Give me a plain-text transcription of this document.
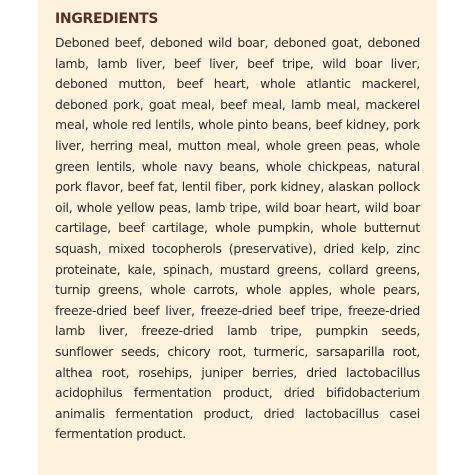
INGREDIENTS

Deboned beef, deboned wild boar, deboned goat, deboned lamb, lamb liver, beef liver, beef tripe, wild boar liver, deboned mutton, beef heart, whole atlantic mackerel, deboned pork, goat meal, beef meal, lamb meal, mackerel meal, whole red lentils, whole pinto beans, beef kidney, pork liver, herring meal, mutton meal, whole green peas, whole green lentils, whole navy beans, whole chickpeas, natural pork flavor, beef fat, lentil fiber, pork kidney, alaskan pollock oil, whole yellow peas, lamb tripe, wild boar heart, wild boar cartilage, beef cartilage, whole pumpkin, whole butternut squash, mixed tocopherols (preservative), dried kelp, zinc proteinate, kale, spinach, mustard greens, collard greens, turnip greens, whole carrots, whole apples, whole pears, freeze-dried beef liver, freeze-dried beef tripe, freeze-dried lamb liver, freeze-dried lamb tripe, pumpkin seeds, sunflower seeds, chicory root, turmeric, sarsaparilla root, althea root, rosehips, juniper berries, dried lactobacillus acidophilus fermentation product, dried bifidobacterium animalis fermentation product, dried lactobacillus casei fermentation product.
